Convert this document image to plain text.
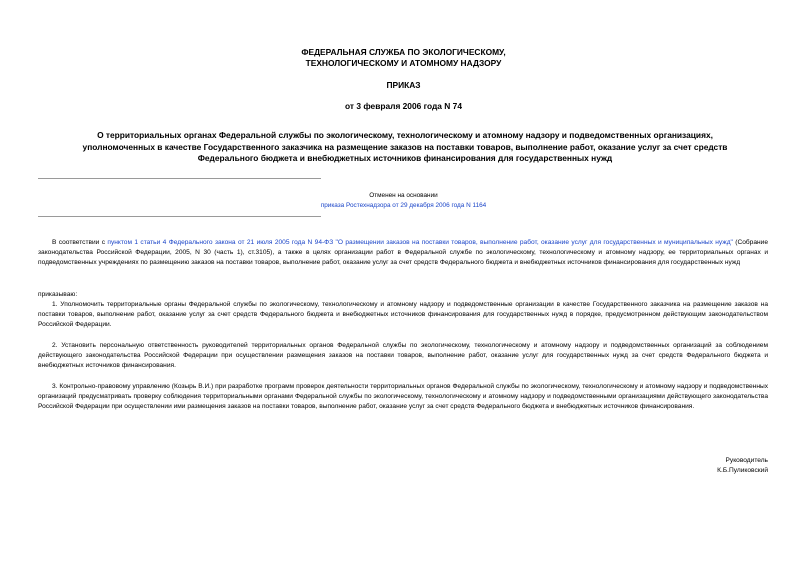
ФЕДЕРАЛЬНАЯ СЛУЖБА ПО ЭКОЛОГИЧЕСКОМУ,
ТЕХНОЛОГИЧЕСКОМУ И АТОМНОМУ НАДЗОРУ
ПРИКАЗ
от 3 февраля 2006 года N 74
О территориальных органах Федеральной службы по экологическому, технологическому и атомному надзору и подведомственных организациях,
уполномоченных в качестве Государственного заказчика на размещение заказов на поставки товаров, выполнение работ, оказание услуг за счет средств
Федерального бюджета и внебюджетных источников финансирования для государственных нужд
Отменен на основании
приказа Ростехнадзора от 29 декабря 2006 года N 1164
В соответствии с пунктом 1 статьи 4 Федерального закона от 21 июля 2005 года N 94-ФЗ "О размещении заказов на поставки товаров, выполнение работ, оказание услуг для государственных и муниципальных нужд" (Собрание законодательства Российской Федерации, 2005, N 30 (часть 1), ст.3105), а также в целях организации работ в Федеральной службе по экологическому, технологическому и атомному надзору, ее территориальных органах и подведомственных учреждениях по размещению заказов на поставки товаров, выполнение работ, оказание услуг за счет средств Федерального бюджета и внебюджетных источников финансирования для государственных нужд
приказываю:
1. Уполномочить территориальные органы Федеральной службы по экологическому, технологическому и атомному надзору и подведомственные организации в качестве Государственного заказчика на размещение заказов на поставки товаров, выполнение работ, оказание услуг за счет средств Федерального бюджета и внебюджетных источников финансирования для государственных нужд в порядке, предусмотренном действующим законодательством Российской Федерации.
2. Установить персональную ответственность руководителей территориальных органов Федеральной службы по экологическому, технологическому и атомному надзору и подведомственных организаций за соблюдением действующего законодательства Российской Федерации при осуществлении размещения заказов на поставки товаров, выполнение работ, оказание услуг для государственных нужд за счет средств Федерального бюджета и внебюджетных источников финансирования.
3. Контрольно-правовому управлению (Козырь В.И.) при разработке программ проверок деятельности территориальных органов Федеральной службы по экологическому, технологическому и атомному надзору и подведомственных организаций предусматривать проверку соблюдения территориальными органами Федеральной службы по экологическому, технологическому и атомному надзору и подведомственными организациями действующего законодательства Российской Федерации при осуществлении ими размещения заказов на поставки товаров, выполнение работ, оказание услуг за счет средств Федерального бюджета и внебюджетных источников финансирования.
Руководитель
К.Б.Пуликовский
